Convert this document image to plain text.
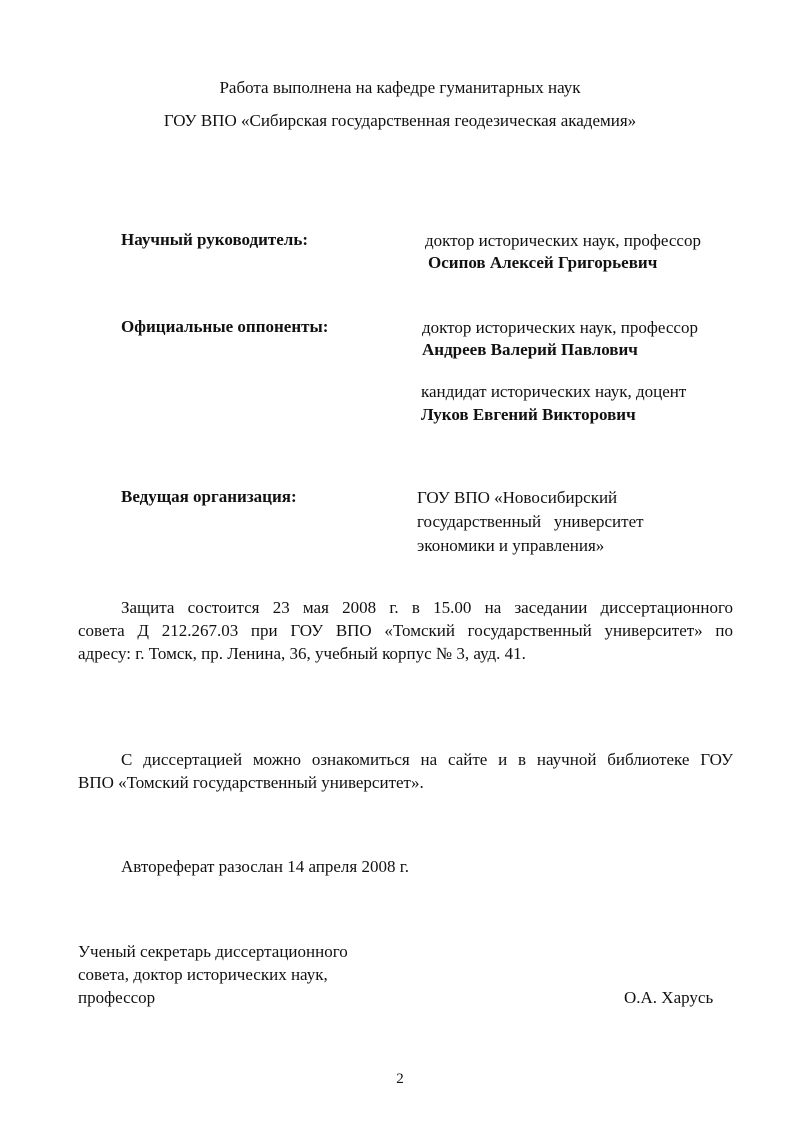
Работа выполнена на кафедре гуманитарных наук
ГОУ ВПО «Сибирская государственная геодезическая академия»
Научный руководитель:	доктор исторических наук, профессор
Осипов Алексей Григорьевич
Официальные оппоненты:	доктор исторических наук, профессор
Андреев Валерий Павлович
кандидат исторических наук, доцент
Луков Евгений Викторович
Ведущая организация:	ГОУ ВПО «Новосибирский
государственный   университет
экономики и управления»
Защита состоится 23 мая 2008 г. в 15.00 на заседании диссертационного
совета Д 212.267.03 при ГОУ ВПО «Томский государственный университет» по
адресу: г. Томск, пр. Ленина, 36, учебный корпус № 3, ауд. 41.
С диссертацией можно ознакомиться на сайте и в научной библиотеке ГОУ
ВПО «Томский государственный университет».
Автореферат разослан 14 апреля 2008 г.
Ученый секретарь диссертационного
совета, доктор исторических наук,
профессор	О.А. Харусь
2
